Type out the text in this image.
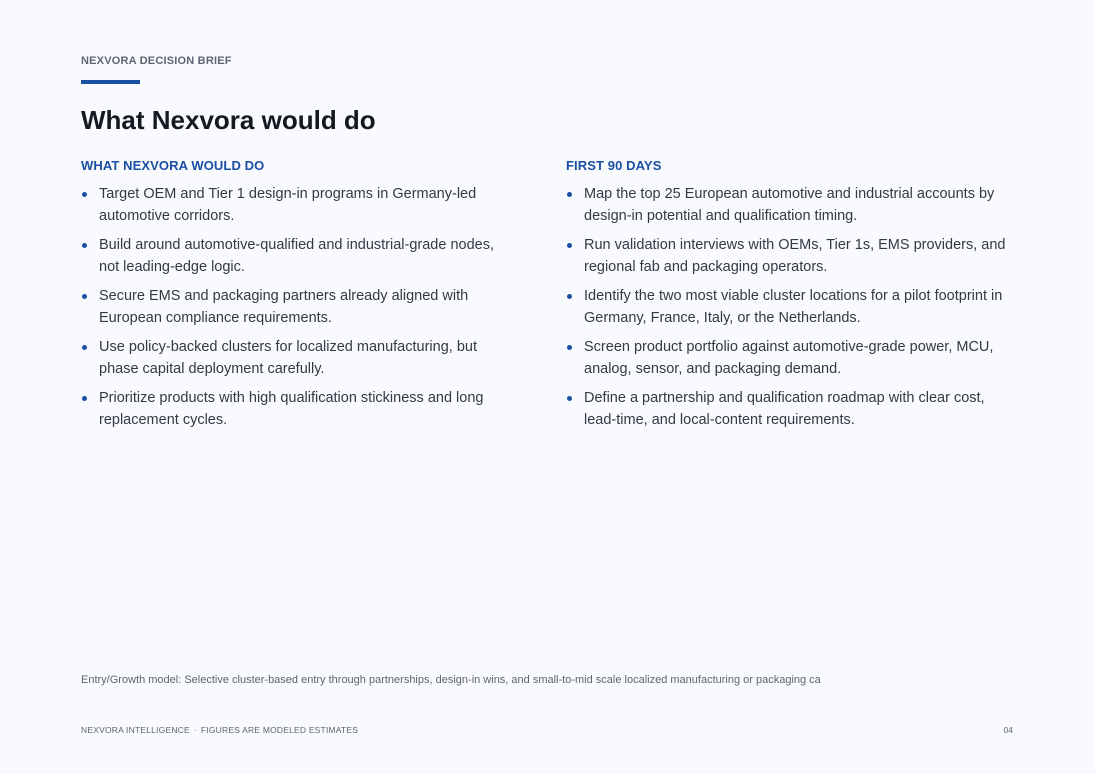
NEXVORA DECISION BRIEF
What Nexvora would do
WHAT NEXVORA WOULD DO
Target OEM and Tier 1 design-in programs in Germany-led automotive corridors.
Build around automotive-qualified and industrial-grade nodes, not leading-edge logic.
Secure EMS and packaging partners already aligned with European compliance requirements.
Use policy-backed clusters for localized manufacturing, but phase capital deployment carefully.
Prioritize products with high qualification stickiness and long replacement cycles.
FIRST 90 DAYS
Map the top 25 European automotive and industrial accounts by design-in potential and qualification timing.
Run validation interviews with OEMs, Tier 1s, EMS providers, and regional fab and packaging operators.
Identify the two most viable cluster locations for a pilot footprint in Germany, France, Italy, or the Netherlands.
Screen product portfolio against automotive-grade power, MCU, analog, sensor, and packaging demand.
Define a partnership and qualification roadmap with clear cost, lead-time, and local-content requirements.
Entry/Growth model: Selective cluster-based entry through partnerships, design-in wins, and small-to-mid scale localized manufacturing or packaging ca
NEXVORA INTELLIGENCE · FIGURES ARE MODELED ESTIMATES	04
